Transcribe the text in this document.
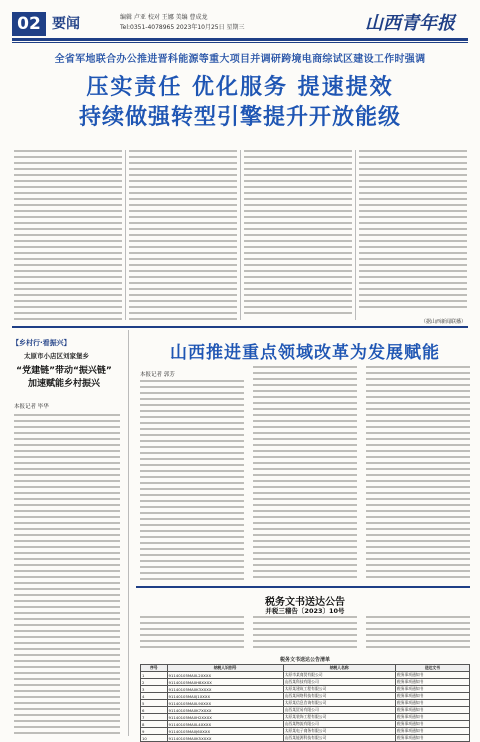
02 要闻	编辑 卢亚 校对 王娜 美编 曹成龙
Tel:0351-4078965 2023年10月25日 星期三	山西青年报
全省军地联合办公推进晋科能源等重大项目并调研跨境电商综试区建设工作时强调
压实责任 优化服务 提速提效
持续做强转型引擎提升开放能级
（据山西新闻联播）
【乡村行·看振兴】
太原市小店区刘家堡乡
“党建链”带动“振兴链”
加速赋能乡村振兴
本报记者 毕华
山西推进重点领域改革为发展赋能
本报记者 郭芳
税务文书送达公告
并税三稽告〔2023〕10号
税务文书送达公告清单
序号	纳税人识别号	纳税人名称	送达文书
1	91140105MA0L2XXXX	太原市某商贸有限公司	税务事项通知书
2	91140105MA0H8XXXX	山西某科技有限公司	税务事项通知书
3	91140105MA0K3XXXX	太原某建筑工程有限公司	税务事项通知书
4	91140105MA0J1XXXX	山西某网络科技有限公司	税务事项通知书
5	91140105MA0L9XXXX	太原某信息咨询有限公司	税务事项通知书
6	91140105MA0K7XXXX	山西某贸易有限公司	税务事项通知书
7	91140105MA0H2XXXX	太原某装饰工程有限公司	税务事项通知书
8	91140105MA0L4XXXX	山西某物流有限公司	税务事项通知书
9	91140105MA0J6XXXX	太原某电子商务有限公司	税务事项通知书
10	91140105MA0K5XXXX	山西某能源科技有限公司	税务事项通知书
